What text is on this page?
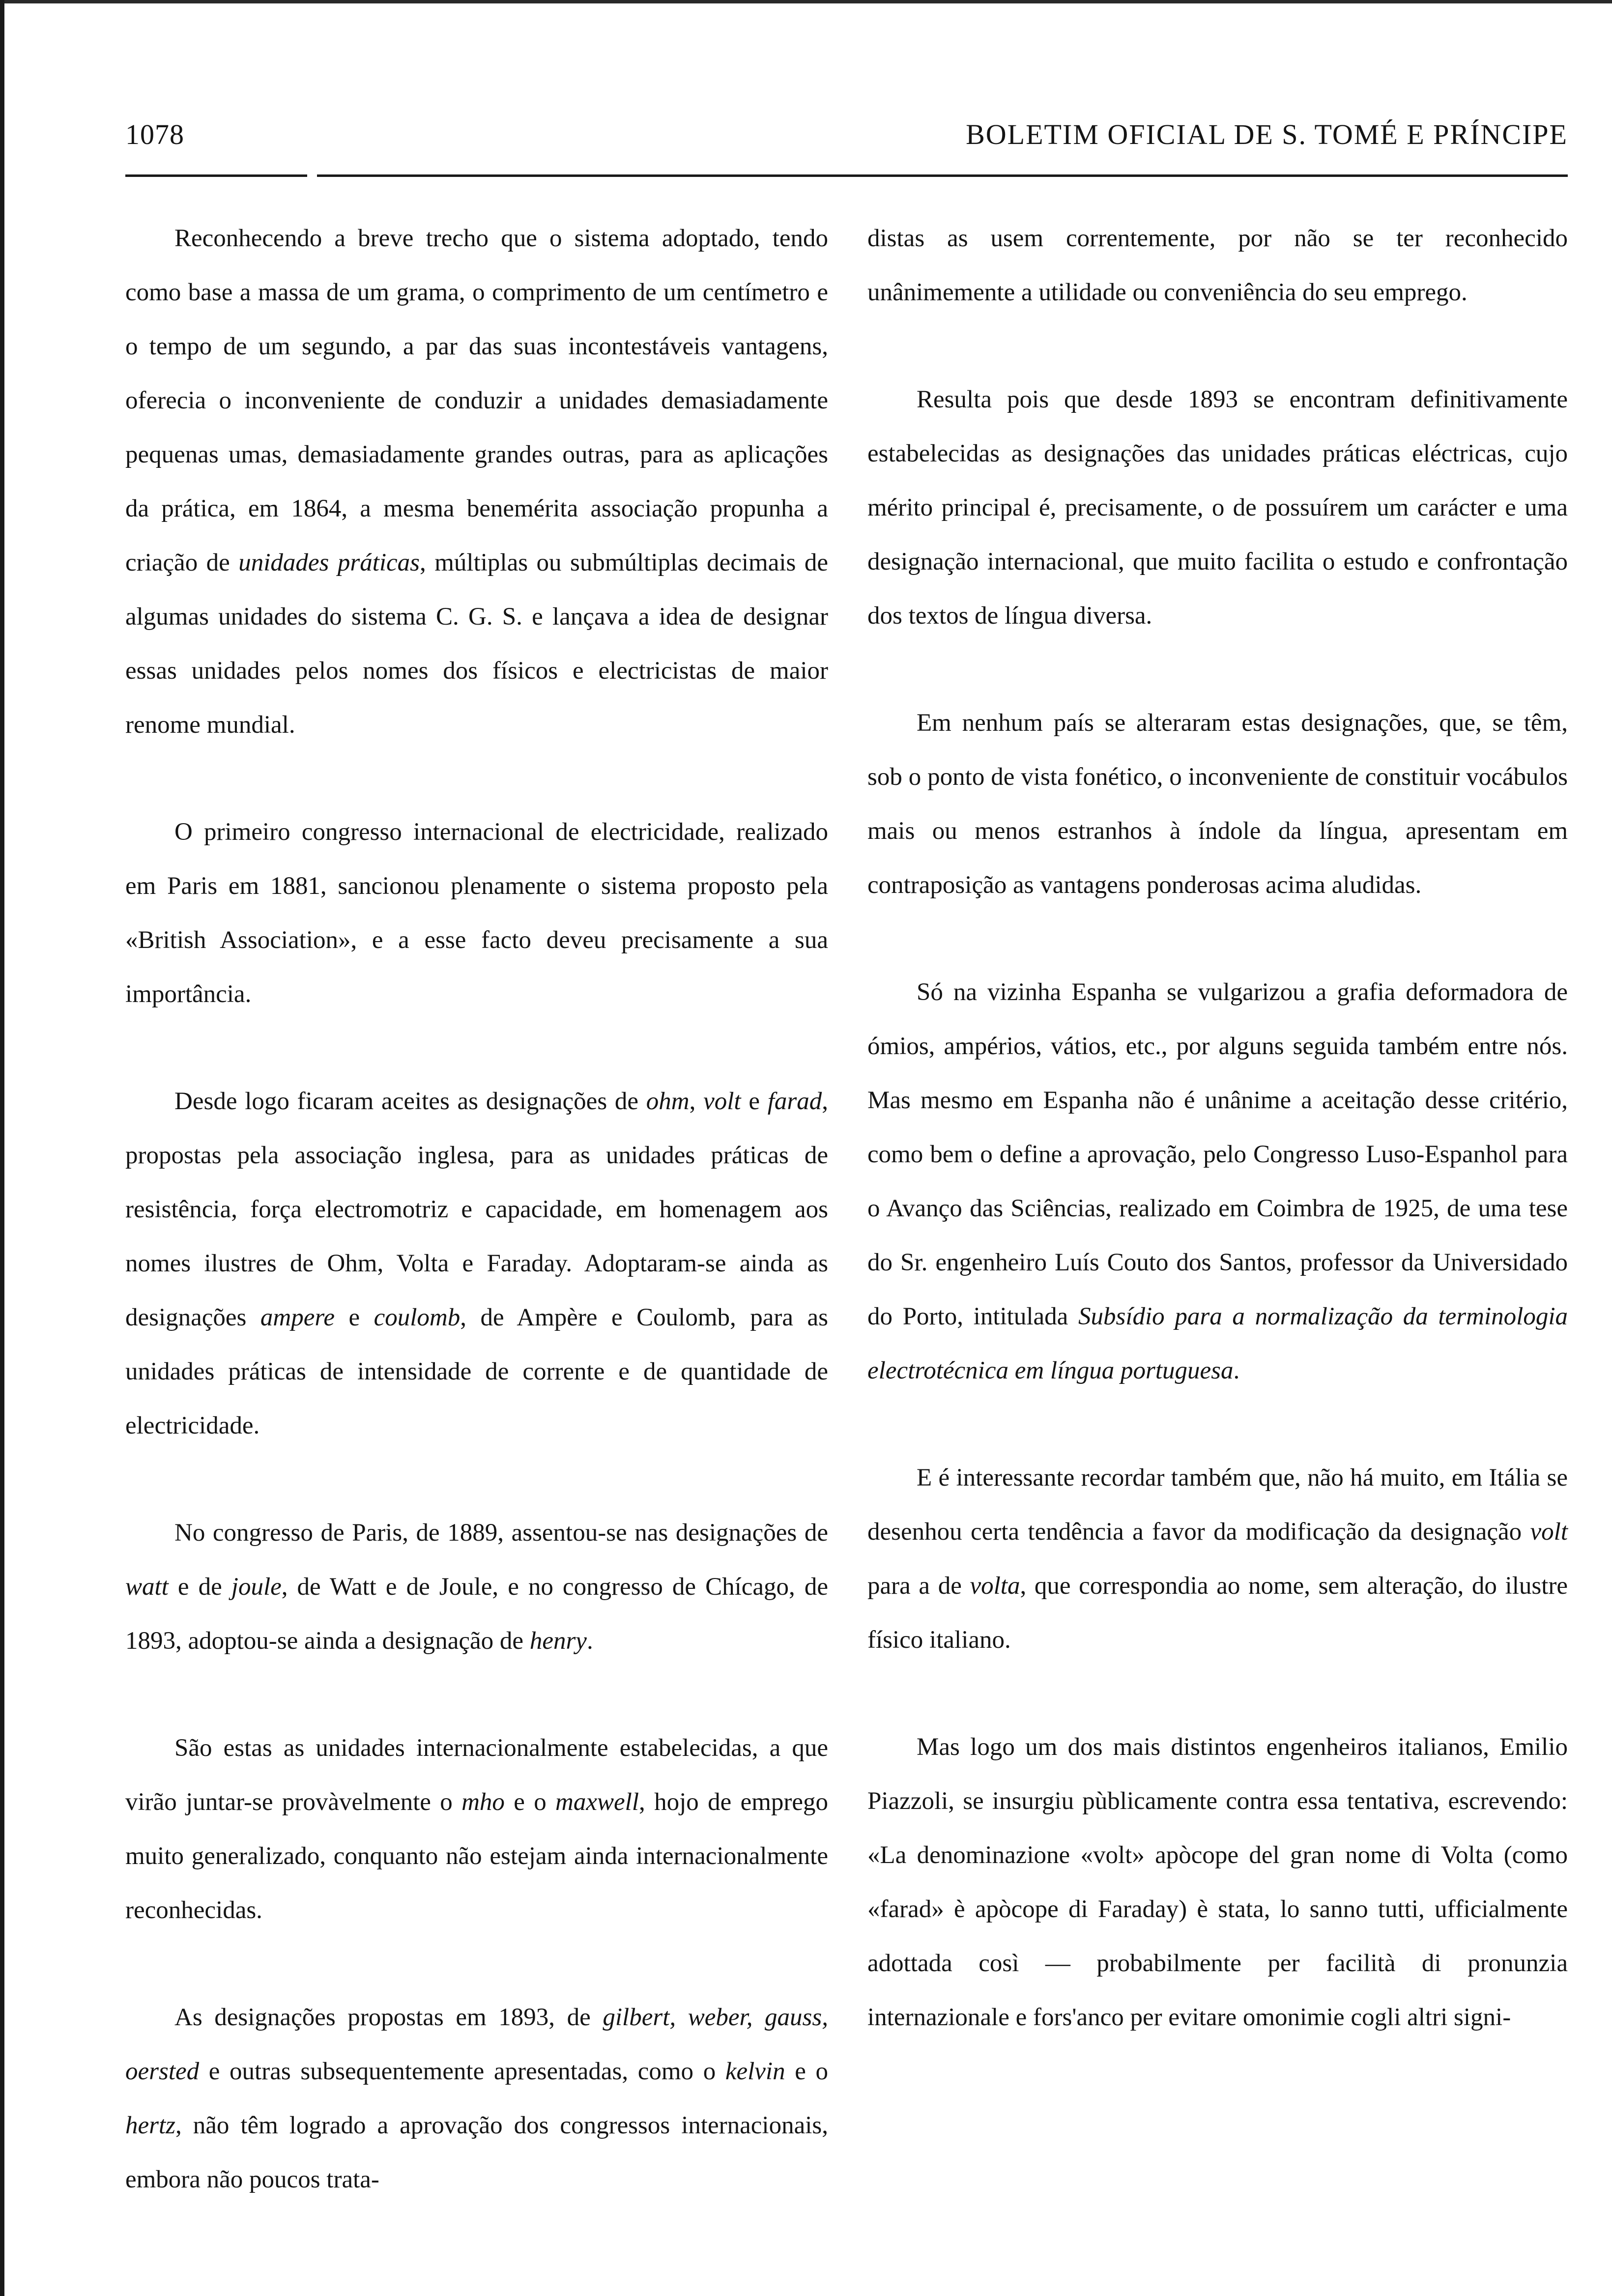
1078	BOLETIM OFICIAL DE S. TOMÉ E PRÍNCIPE

Reconhecendo a breve trecho que o sistema adoptado, tendo como base a massa de um grama, o comprimento de um centímetro e o tempo de um segundo, a par das suas incontestáveis vantagens, oferecia o inconveniente de conduzir a unidades demasiadamente pequenas umas, demasiadamente grandes outras, para as aplicações da prática, em 1864, a mesma benemérita associação propunha a criação de unidades práticas, múltiplas ou submúltiplas decimais de algumas unidades do sistema C. G. S. e lançava a idea de designar essas unidades pelos nomes dos físicos e electricistas de maior renome mundial.

O primeiro congresso internacional de electricidade, realizado em Paris em 1881, sancionou plenamente o sistema proposto pela «British Association», e a esse facto deveu precisamente a sua importância.

Desde logo ficaram aceites as designações de ohm, volt e farad, propostas pela associação inglesa, para as unidades práticas de resistência, força electromotriz e capacidade, em homenagem aos nomes ilustres de Ohm, Volta e Faraday. Adoptaram-se ainda as designações ampere e coulomb, de Ampère e Coulomb, para as unidades práticas de intensidade de corrente e de quantidade de electricidade.

No congresso de Paris, de 1889, assentou-se nas designações de watt e de joule, de Watt e de Joule, e no congresso de Chícago, de 1893, adoptou-se ainda a designação de henry.

São estas as unidades internacionalmente estabelecidas, a que virão juntar-se provàvelmente o mho e o maxwell, hojo de emprego muito generalizado, conquanto não estejam ainda internacionalmente reconhecidas.

As designações propostas em 1893, de gilbert, weber, gauss, oersted e outras subsequentemente apresentadas, como o kelvin e o hertz, não têm logrado a aprovação dos congressos internacionais, embora não poucos trata-

distas as usem correntemente, por não se ter reconhecido unânimemente a utilidade ou conveniência do seu emprego.

Resulta pois que desde 1893 se encontram definitivamente estabelecidas as designações das unidades práticas eléctricas, cujo mérito principal é, precisamente, o de possuírem um carácter e uma designação internacional, que muito facilita o estudo e confrontação dos textos de língua diversa.

Em nenhum país se alteraram estas designações, que, se têm, sob o ponto de vista fonético, o inconveniente de constituir vocábulos mais ou menos estranhos à índole da língua, apresentam em contraposição as vantagens ponderosas acima aludidas.

Só na vizinha Espanha se vulgarizou a grafia deformadora de ómios, ampérios, vátios, etc., por alguns seguida também entre nós. Mas mesmo em Espanha não é unânime a aceitação desse critério, como bem o define a aprovação, pelo Congresso Luso-Espanhol para o Avanço das Sciências, realizado em Coimbra de 1925, de uma tese do Sr. engenheiro Luís Couto dos Santos, professor da Universidado do Porto, intitulada Subsídio para a normalização da terminologia electrotécnica em língua portuguesa.

E é interessante recordar também que, não há muito, em Itália se desenhou certa tendência a favor da modificação da designação volt para a de volta, que correspondia ao nome, sem alteração, do ilustre físico italiano.

Mas logo um dos mais distintos engenheiros italianos, Emilio Piazzoli, se insurgiu pùblicamente contra essa tentativa, escrevendo: «La denominazione «volt» apòcope del gran nome di Volta (como «farad» è apòcope di Faraday) è stata, lo sanno tutti, ufficialmente adottada così — probabilmente per facilità di pronunzia internazionale e fors'anco per evitare omonimie cogli altri signi-
